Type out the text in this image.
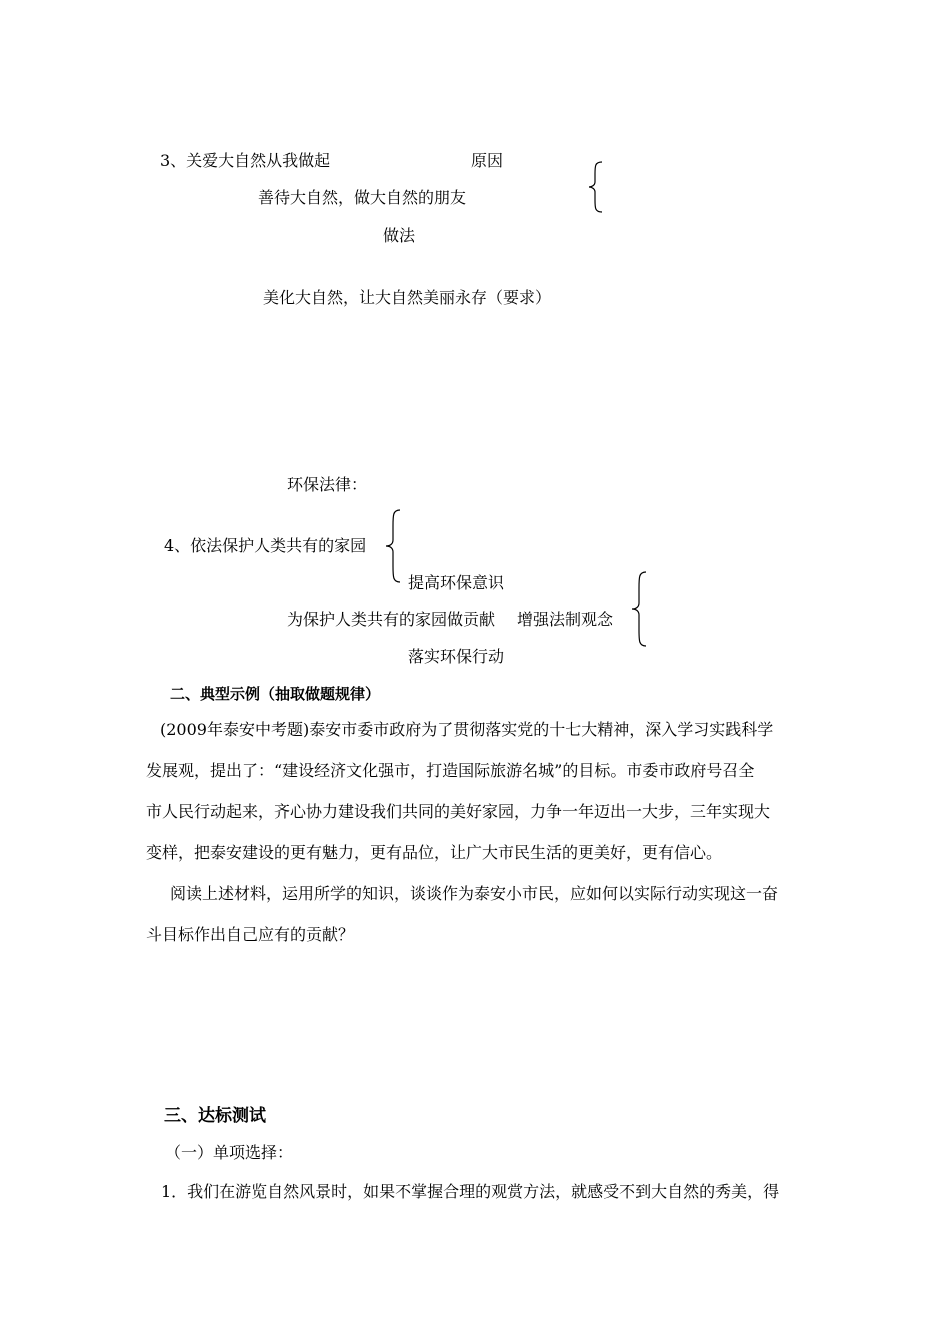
3、关爱大自然从我做起	原因
善待大自然，做大自然的朋友
做法
美化大自然，让大自然美丽永存（要求）
环保法律：
4、依法保护人类共有的家园
提高环保意识
为保护人类共有的家园做贡献 增强法制观念
落实环保行动
二、典型示例（抽取做题规律）
(2009年泰安中考题)泰安市委市政府为了贯彻落实党的十七大精神，深入学习实践科学
发展观，提出了：“建设经济文化强市，打造国际旅游名城”的目标。市委市政府号召全
市人民行动起来，齐心协力建设我们共同的美好家园，力争一年迈出一大步，三年实现大
变样，把泰安建设的更有魅力，更有品位，让广大市民生活的更美好，更有信心。
阅读上述材料，运用所学的知识，谈谈作为泰安小市民，应如何以实际行动实现这一奋
斗目标作出自己应有的贡献？
三、达标测试
（一）单项选择：
1．我们在游览自然风景时，如果不掌握合理的观赏方法，就感受不到大自然的秀美，得
